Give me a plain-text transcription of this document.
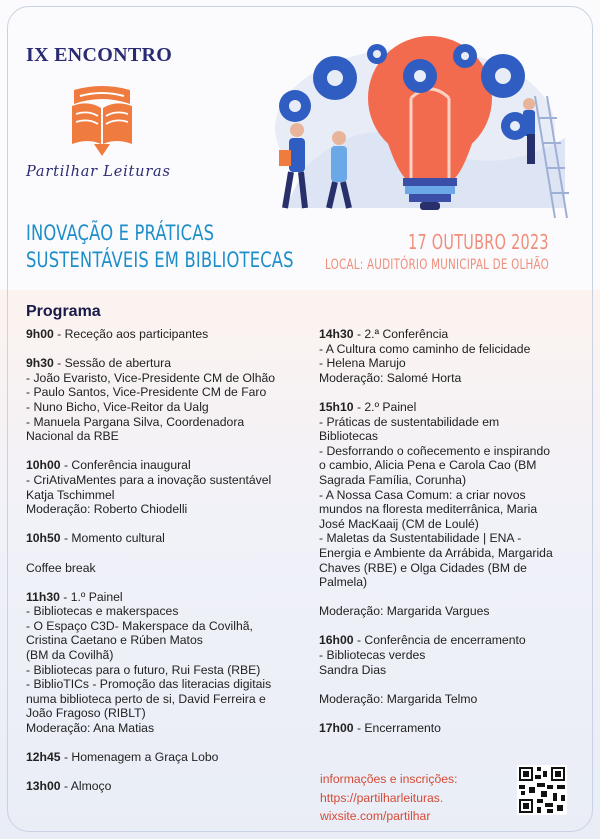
IX ENCONTRO
Partilhar Leituras
INOVAÇÃO E PRÁTICAS
SUSTENTÁVEIS EM BIBLIOTECAS
17 OUTUBRO 2023
LOCAL: AUDITÓRIO MUNICIPAL DE OLHÃO
Programa
9h00 - Receção aos participantes
9h30 - Sessão de abertura
- João Evaristo, Vice-Presidente CM de Olhão
- Paulo Santos, Vice-Presidente CM de Faro
- Nuno Bicho, Vice-Reitor da Ualg
- Manuela Pargana Silva, Coordenadora
Nacional da RBE
10h00 - Conferência inaugural
- CriAtivaMentes para a inovação sustentável
Katja Tschimmel
Moderação: Roberto Chiodelli
10h50 - Momento cultural
Coffee break
11h30 - 1.º Painel
- Bibliotecas e makerspaces
- O Espaço C3D- Makerspace da Covilhã,
Cristina Caetano e Rúben Matos
(BM da Covilhã)
- Bibliotecas para o futuro, Rui Festa (RBE)
- BiblioTICs - Promoção das literacias digitais
numa biblioteca perto de si, David Ferreira e
João Fragoso (RIBLT)
Moderação: Ana Matias
12h45 - Homenagem a Graça Lobo
13h00 - Almoço
14h30 - 2.ª Conferência
- A Cultura como caminho de felicidade
- Helena Marujo
Moderação: Salomé Horta
15h10 - 2.º Painel
- Práticas de sustentabilidade em
Bibliotecas
- Desforrando o coñecemento e inspirando
o cambio, Alicia Pena e Carola Cao (BM
Sagrada Família, Corunha)
- A Nossa Casa Comum: a criar novos
mundos na floresta mediterrânica, Maria
José MacKaaij (CM de Loulé)
- Maletas da Sustentabilidade | ENA -
Energia e Ambiente da Arrábida, Margarida
Chaves (RBE) e Olga Cidades (BM de
Palmela)
Moderação: Margarida Vargues
16h00 - Conferência de encerramento
- Bibliotecas verdes
Sandra Dias
Moderação: Margarida Telmo
17h00 - Encerramento
informações e inscrições:
https://partilharleituras.
wixsite.com/partilhar
